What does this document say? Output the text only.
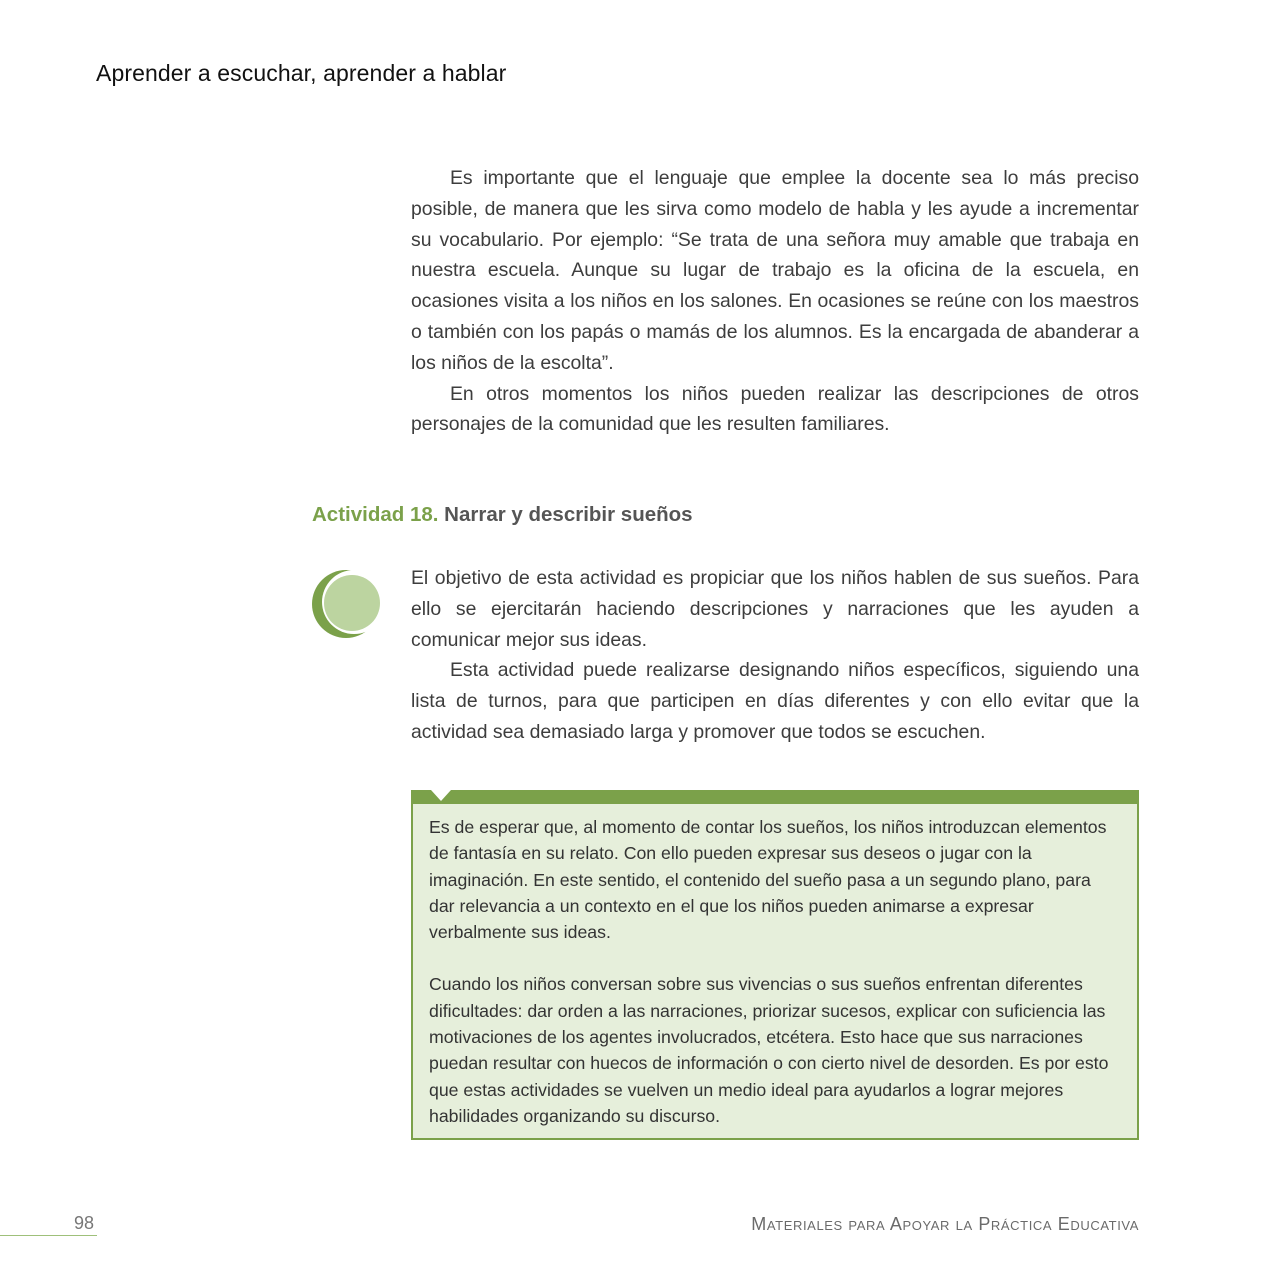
Aprender a escuchar, aprender a hablar

Es importante que el lenguaje que emplee la docente sea lo más preciso posible, de manera que les sirva como modelo de habla y les ayude a incrementar su vocabulario. Por ejemplo: “Se trata de una señora muy amable que trabaja en nuestra escuela. Aunque su lugar de trabajo es la oficina de la escuela, en ocasiones visita a los niños en los salones. En ocasiones se reúne con los maestros o también con los papás o mamás de los alumnos. Es la encargada de abanderar a los niños de la escolta”.

En otros momentos los niños pueden realizar las descripciones de otros personajes de la comunidad que les resulten familiares.

Actividad 18. Narrar y describir sueños

El objetivo de esta actividad es propiciar que los niños hablen de sus sueños. Para ello se ejercitarán haciendo descripciones y narraciones que les ayuden a comunicar mejor sus ideas.

Esta actividad puede realizarse designando niños específicos, siguiendo una lista de turnos, para que participen en días diferentes y con ello evitar que la actividad sea demasiado larga y promover que todos se escuchen.

Es de esperar que, al momento de contar los sueños, los niños introduzcan elementos de fantasía en su relato. Con ello pueden expresar sus deseos o jugar con la imaginación. En este sentido, el contenido del sueño pasa a un segundo plano, para dar relevancia a un contexto en el que los niños pueden animarse a expresar verbalmente sus ideas.

Cuando los niños conversan sobre sus vivencias o sus sueños enfrentan diferentes dificultades: dar orden a las narraciones, priorizar sucesos, explicar con suficiencia las motivaciones de los agentes involucrados, etcétera. Esto hace que sus narraciones puedan resultar con huecos de información o con cierto nivel de desorden. Es por esto que estas actividades se vuelven un medio ideal para ayudarlos a lograr mejores habilidades organizando su discurso.

98	Materiales para Apoyar la Práctica Educativa
